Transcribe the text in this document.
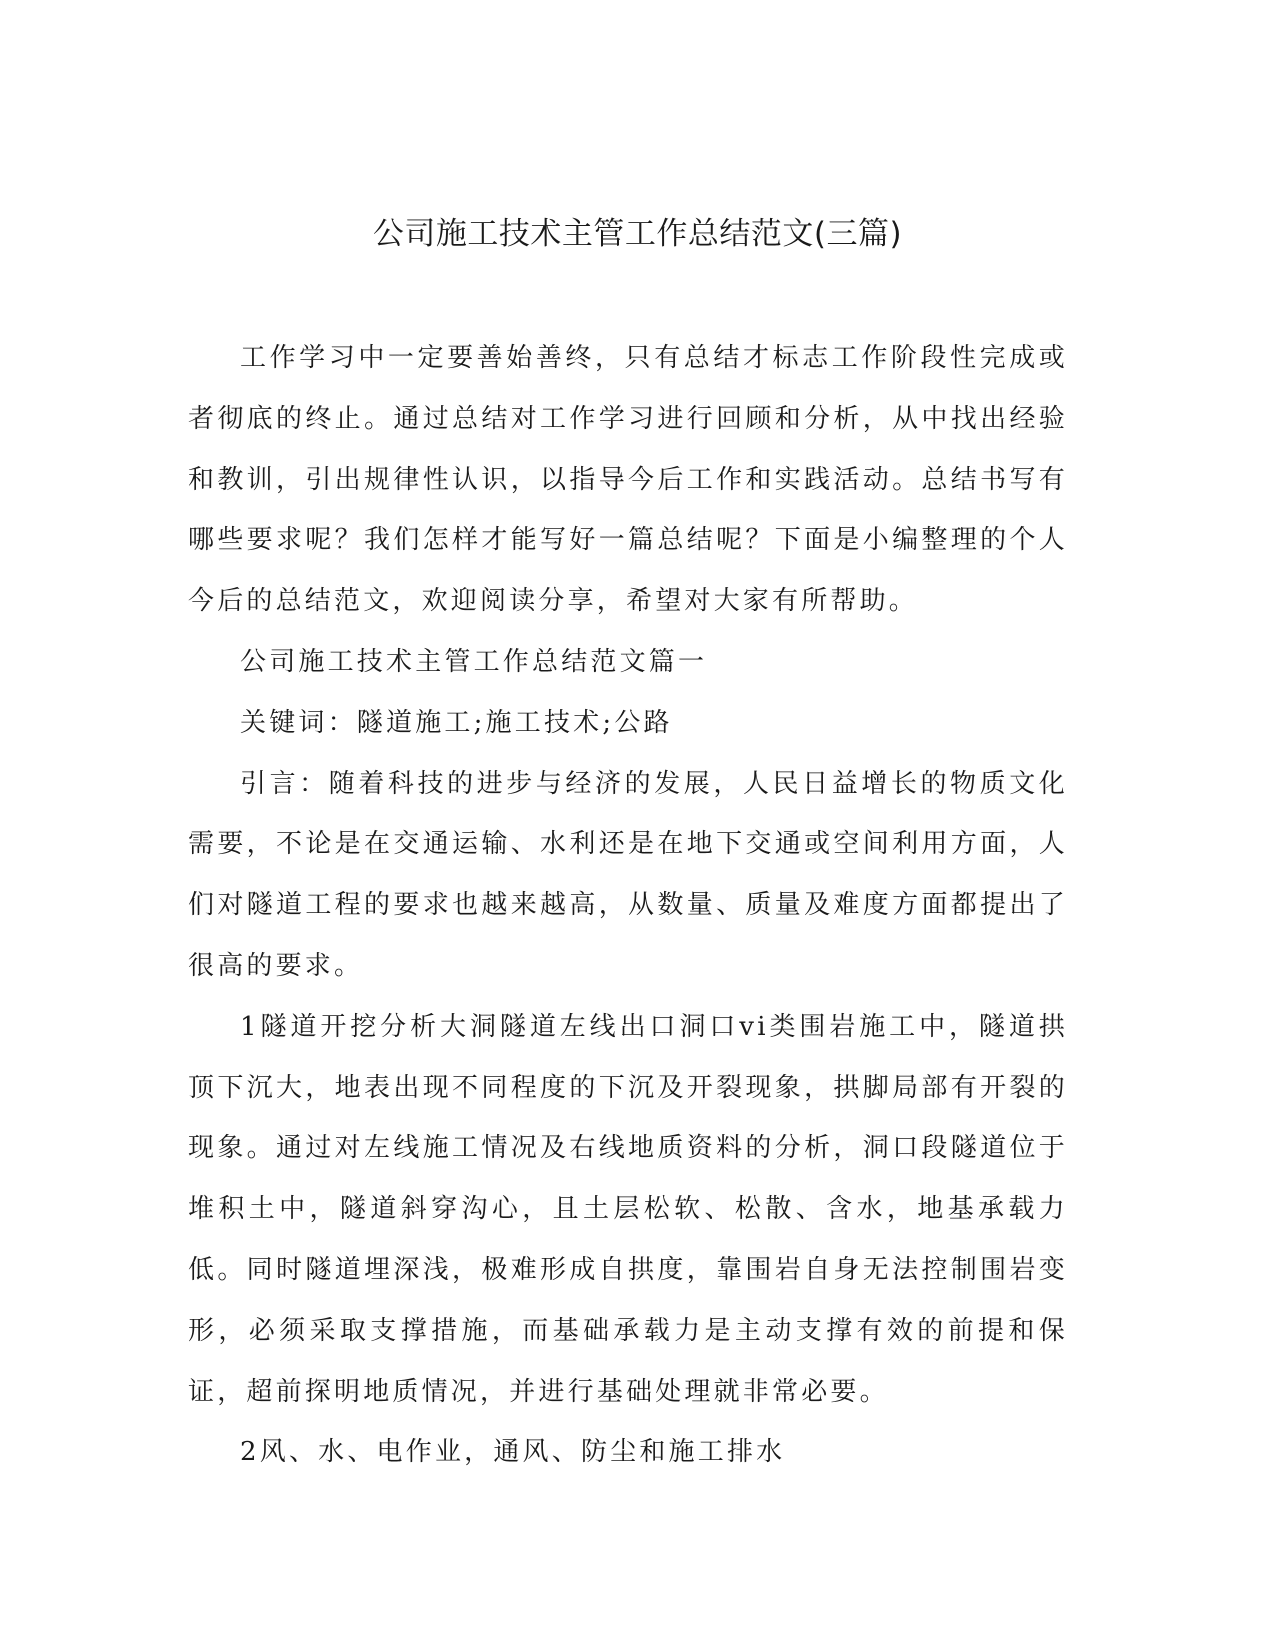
公司施工技术主管工作总结范文(三篇)

工作学习中一定要善始善终，只有总结才标志工作阶段性完成或者彻底的终止。通过总结对工作学习进行回顾和分析，从中找出经验和教训，引出规律性认识，以指导今后工作和实践活动。总结书写有哪些要求呢？我们怎样才能写好一篇总结呢？下面是小编整理的个人今后的总结范文，欢迎阅读分享，希望对大家有所帮助。

公司施工技术主管工作总结范文篇一

关键词：隧道施工;施工技术;公路

引言：随着科技的进步与经济的发展，人民日益增长的物质文化需要，不论是在交通运输、水利还是在地下交通或空间利用方面，人们对隧道工程的要求也越来越高，从数量、质量及难度方面都提出了很高的要求。

1隧道开挖分析大洞隧道左线出口洞口vi类围岩施工中，隧道拱顶下沉大，地表出现不同程度的下沉及开裂现象，拱脚局部有开裂的现象。通过对左线施工情况及右线地质资料的分析，洞口段隧道位于堆积土中，隧道斜穿沟心，且土层松软、松散、含水，地基承载力低。同时隧道埋深浅，极难形成自拱度，靠围岩自身无法控制围岩变形，必须采取支撑措施，而基础承载力是主动支撑有效的前提和保证，超前探明地质情况，并进行基础处理就非常必要。

2风、水、电作业，通风、防尘和施工排水
